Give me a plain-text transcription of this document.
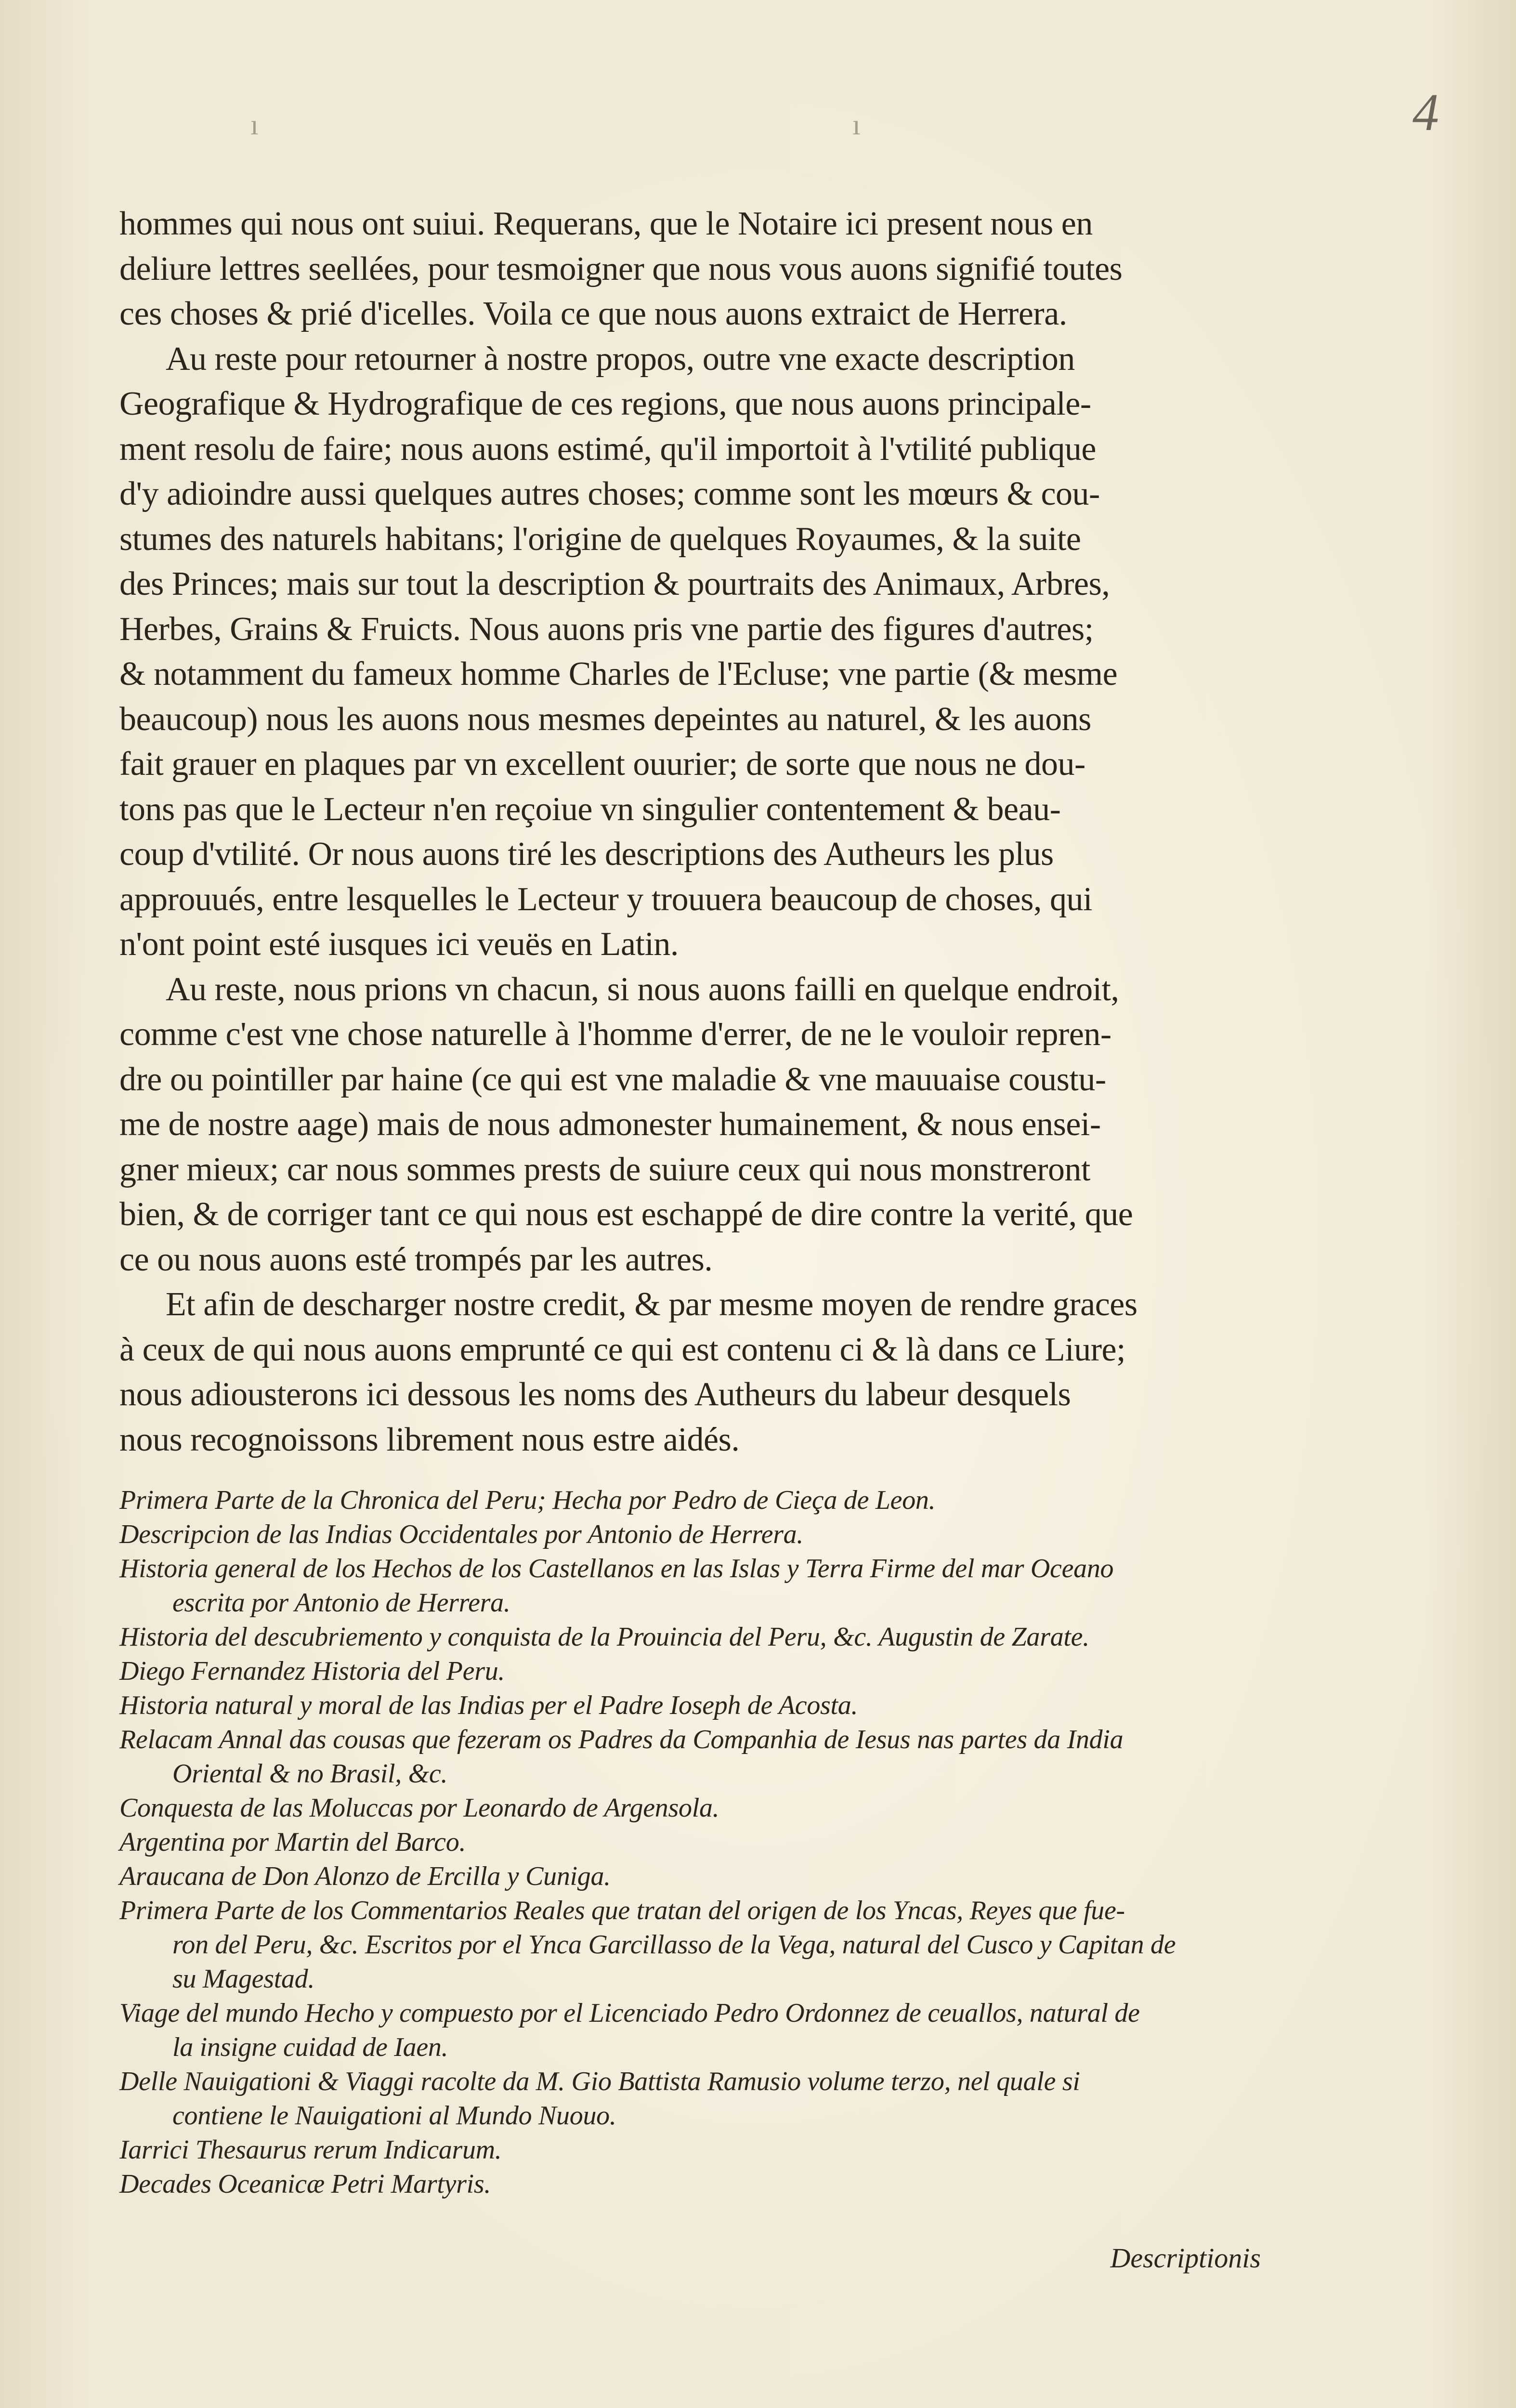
ı	ı	4
hommes qui nous ont suiui. Requerans, que le Notaire ici present nous en
deliure lettres seellées, pour tesmoigner que nous vous auons signifié toutes
ces choses & prié d'icelles. Voila ce que nous auons extraict de Herrera.
Au reste pour retourner à nostre propos, outre vne exacte description
Geografique & Hydrografique de ces regions, que nous auons principale-
ment resolu de faire; nous auons estimé, qu'il importoit à l'vtilité publique
d'y adioindre aussi quelques autres choses; comme sont les mœurs & cou-
stumes des naturels habitans; l'origine de quelques Royaumes, & la suite
des Princes; mais sur tout la description & pourtraits des Animaux, Arbres,
Herbes, Grains & Fruicts. Nous auons pris vne partie des figures d'autres;
& notamment du fameux homme Charles de l'Ecluse; vne partie (& mesme
beaucoup) nous les auons nous mesmes depeintes au naturel, & les auons
fait grauer en plaques par vn excellent ouurier; de sorte que nous ne dou-
tons pas que le Lecteur n'en reçoiue vn singulier contentement & beau-
coup d'vtilité. Or nous auons tiré les descriptions des Autheurs les plus
approuués, entre lesquelles le Lecteur y trouuera beaucoup de choses, qui
n'ont point esté iusques ici veuës en Latin.
Au reste, nous prions vn chacun, si nous auons failli en quelque endroit,
comme c'est vne chose naturelle à l'homme d'errer, de ne le vouloir repren-
dre ou pointiller par haine (ce qui est vne maladie & vne mauuaise coustu-
me de nostre aage) mais de nous admonester humainement, & nous ensei-
gner mieux; car nous sommes prests de suiure ceux qui nous monstreront
bien, & de corriger tant ce qui nous est eschappé de dire contre la verité, que
ce ou nous auons esté trompés par les autres.
Et afin de descharger nostre credit, & par mesme moyen de rendre graces
à ceux de qui nous auons emprunté ce qui est contenu ci & là dans ce Liure;
nous adiousterons ici dessous les noms des Autheurs du labeur desquels
nous recognoissons librement nous estre aidés.
Primera Parte de la Chronica del Peru; Hecha por Pedro de Cieça de Leon.
Descripcion de las Indias Occidentales por Antonio de Herrera.
Historia general de los Hechos de los Castellanos en las Islas y Terra Firme del mar Oceano
escrita por Antonio de Herrera.
Historia del descubriemento y conquista de la Prouincia del Peru, &c. Augustin de Zarate.
Diego Fernandez Historia del Peru.
Historia natural y moral de las Indias per el Padre Ioseph de Acosta.
Relacam Annal das cousas que fezeram os Padres da Companhia de Iesus nas partes da India
Oriental & no Brasil, &c.
Conquesta de las Moluccas por Leonardo de Argensola.
Argentina por Martin del Barco.
Araucana de Don Alonzo de Ercilla y Cuniga.
Primera Parte de los Commentarios Reales que tratan del origen de los Yncas, Reyes que fue-
ron del Peru, &c. Escritos por el Ynca Garcillasso de la Vega, natural del Cusco y Capitan de
su Magestad.
Viage del mundo Hecho y compuesto por el Licenciado Pedro Ordonnez de ceuallos, natural de
la insigne cuidad de Iaen.
Delle Nauigationi & Viaggi racolte da M. Gio Battista Ramusio volume terzo, nel quale si
contiene le Nauigationi al Mundo Nuouo.
Iarrici Thesaurus rerum Indicarum.
Decades Oceanicæ Petri Martyris.
Descriptionis
